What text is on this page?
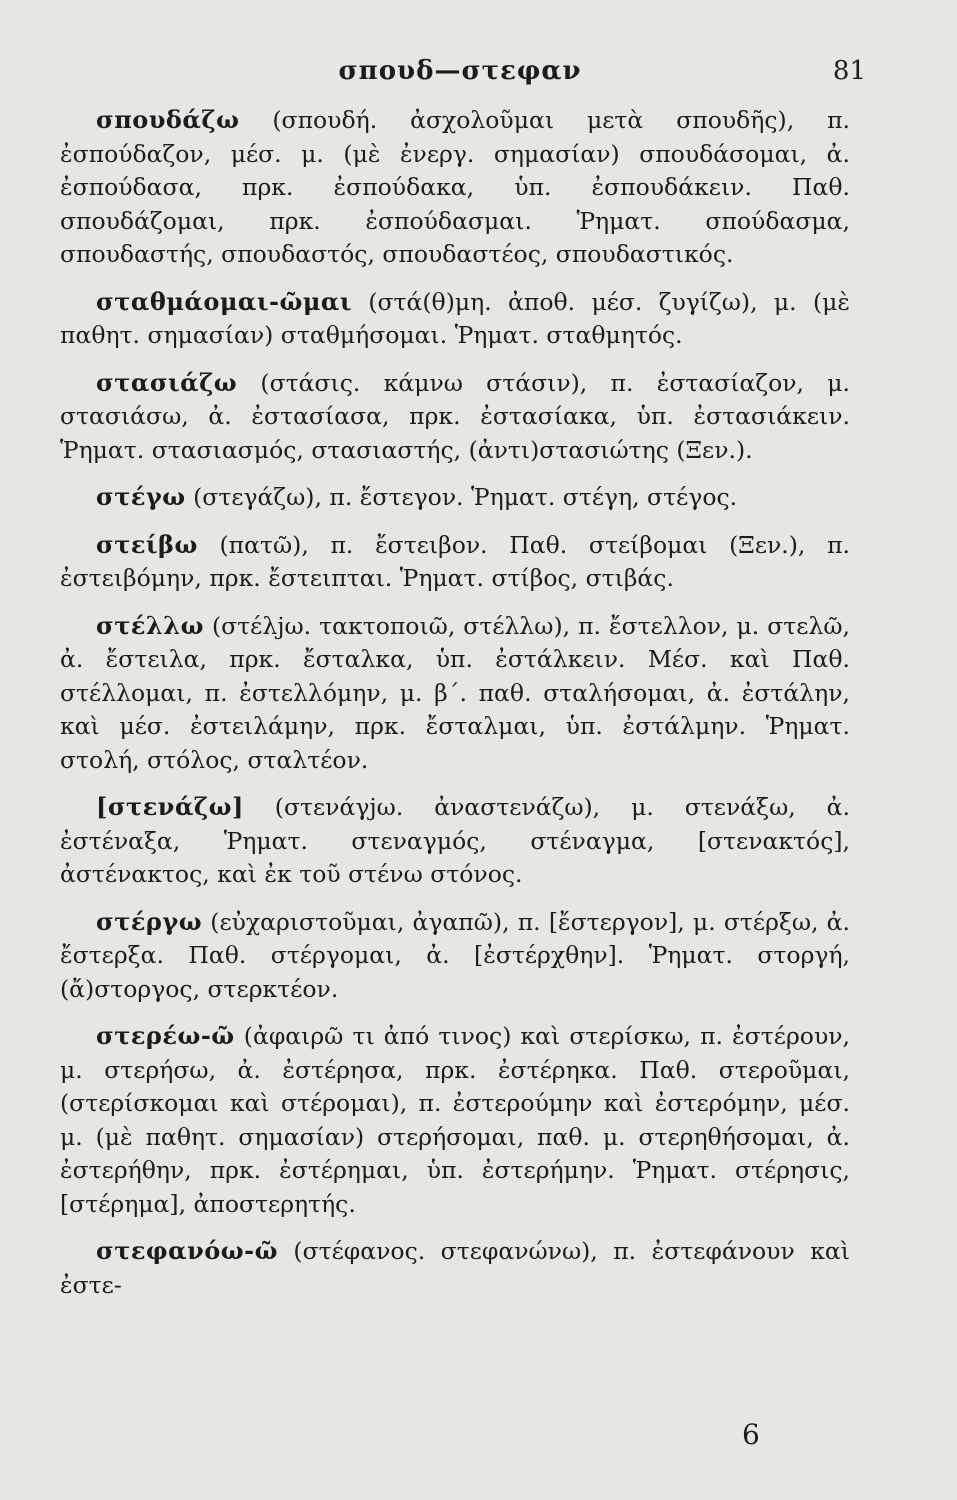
σπουδ—στεφαν	81
σπουδάζω (σπουδή. ἀσχολοῦμαι μετὰ σπουδῆς), π. ἐσπούδαζον, μέσ. μ. (μὲ ἐνεργ. σημασίαν) σπουδάσομαι, ἀ. ἐσπούδασα, πρκ. ἐσπούδακα, ὑπ. ἐσπουδάκειν. Παθ. σπουδάζομαι, πρκ. ἐσπούδασμαι. Ῥηματ. σπούδασμα, σπουδαστής, σπουδαστός, σπουδαστέος, σπουδαστικός.
σταθμάομαι-ῶμαι (στά(θ)μη. ἀποθ. μέσ. ζυγίζω), μ. (μὲ παθητ. σημασίαν) σταθμήσομαι. Ῥηματ. σταθμητός.
στασιάζω (στάσις. κάμνω στάσιν), π. ἐστασίαζον, μ. στασιάσω, ἀ. ἐστασίασα, πρκ. ἐστασίακα, ὑπ. ἐστασιάκειν. Ῥηματ. στασιασμός, στασιαστής, (ἀντι)στασιώτης (Ξεν.).
στέγω (στεγάζω), π. ἔστεγον. Ῥηματ. στέγη, στέγος.
στείβω (πατῶ), π. ἔστειβον. Παθ. στείβομαι (Ξεν.), π. ἐστειβόμην, πρκ. ἔστειπται. Ῥηματ. στίβος, στιβάς.
στέλλω (στέλjω. τακτοποιῶ, στέλλω), π. ἔστελλον, μ. στελῶ, ἀ. ἔστειλα, πρκ. ἔσταλκα, ὑπ. ἐστάλκειν. Μέσ. καὶ Παθ. στέλλομαι, π. ἐστελλόμην, μ. β΄. παθ. σταλήσομαι, ἀ. ἐστάλην, καὶ μέσ. ἐστειλάμην, πρκ. ἔσταλμαι, ὑπ. ἐστάλμην. Ῥηματ. στολή, στόλος, σταλτέον.
[στενάζω] (στενάγjω. ἀναστενάζω), μ. στενάξω, ἀ. ἐστέναξα, Ῥηματ. στεναγμός, στέναγμα, [στενακτός], ἀστένακτος, καὶ ἐκ τοῦ στένω στόνος.
στέργω (εὐχαριστοῦμαι, ἀγαπῶ), π. [ἔστεργον], μ. στέρξω, ἀ. ἔστερξα. Παθ. στέργομαι, ἀ. [ἐστέρχθην]. Ῥηματ. στοργή, (ἄ)στοργος, στερκτέον.
στερέω-ῶ (ἀφαιρῶ τι ἀπό τινος) καὶ στερίσκω, π. ἐστέρουν, μ. στερήσω, ἀ. ἐστέρησα, πρκ. ἐστέρηκα. Παθ. στεροῦμαι, (στερίσκομαι καὶ στέρομαι), π. ἐστερούμην καὶ ἐστερόμην, μέσ. μ. (μὲ παθητ. σημασίαν) στερήσομαι, παθ. μ. στερηθήσομαι, ἀ. ἐστερήθην, πρκ. ἐστέρημαι, ὑπ. ἐστερήμην. Ῥηματ. στέρησις, [στέρημα], ἀποστερητής.
στεφανόω-ῶ (στέφανος. στεφανώνω), π. ἐστεφάνουν καὶ ἐστε-
6
